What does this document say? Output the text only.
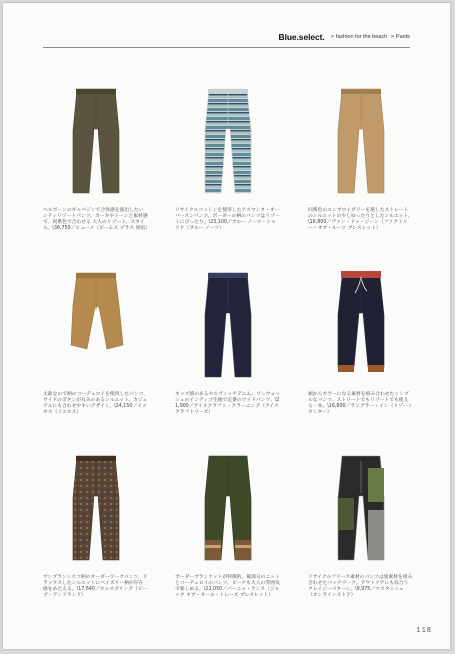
Blue.select.	> fashion for the beach > Pants
ヘルボーンのギャバジンで合体感を演出したいシティリゾートパンツ。カーキやトーンと素材感で、同系色で合わせる 大人のリゾート。スタイル。\36,750／ヒューメ（ビームス プラス 原宿）
リサイクルコットンを使用したアスマンタ・オーバースンバンツ。ボーダーの柄のパンツはリゾートにぴったり。\23,100／ブルー ノーツ・シャリケ（ブルー ノーツ）
同系色のエンブロイダリーを施したストレートのシルエットの少しゆったりとしたシルエット。\16,800／ヴァン・ドゥ・ジーン（ファクトリー・オブ・ルーツ ブレスレット）
太畝なので柄のコーデュロイを使用したパンツ、サイドのボタンが丸みのあるシルエット。カジュアルにも合わせやすいデザイン。\24,150／イメホス（イエホス）
ネップ感のあるセルヴィッチデニム。ワンウォッシュのインディゴ生地で定番のワイドパンツ。\21,000／アイスクラフト・クラーニング（アイスクラフトリーズ）
裾からカラーになる素材を組み合わせたシンプルなパンツ。ストリートでもリゾートでも使える一本。\16,800／ラングラー・イン（リゾートセンター）
サンプランシスコ柄のオーダーワークパンツ。リラックスしたシルエットにペイズリー柄が存在感をあたえる。\17,640／ホレスプリング（ピープ・アンドランド）
ボーダーブランケットが特徴的。裾部分のニットとコーデュロイのパンツ。ビーチも大人の雰囲気で楽しめる。\22,050／バーニャ・アンス（ジャック オブ・オール・トレーズ ブレスレット）
リサイクルフリース素材のパンツは異素材を組み合わせたパッチワーク。アウトドアにも似合うクレイジーパターン。\9,975／マスタッシュ（オンラインストア）
118
